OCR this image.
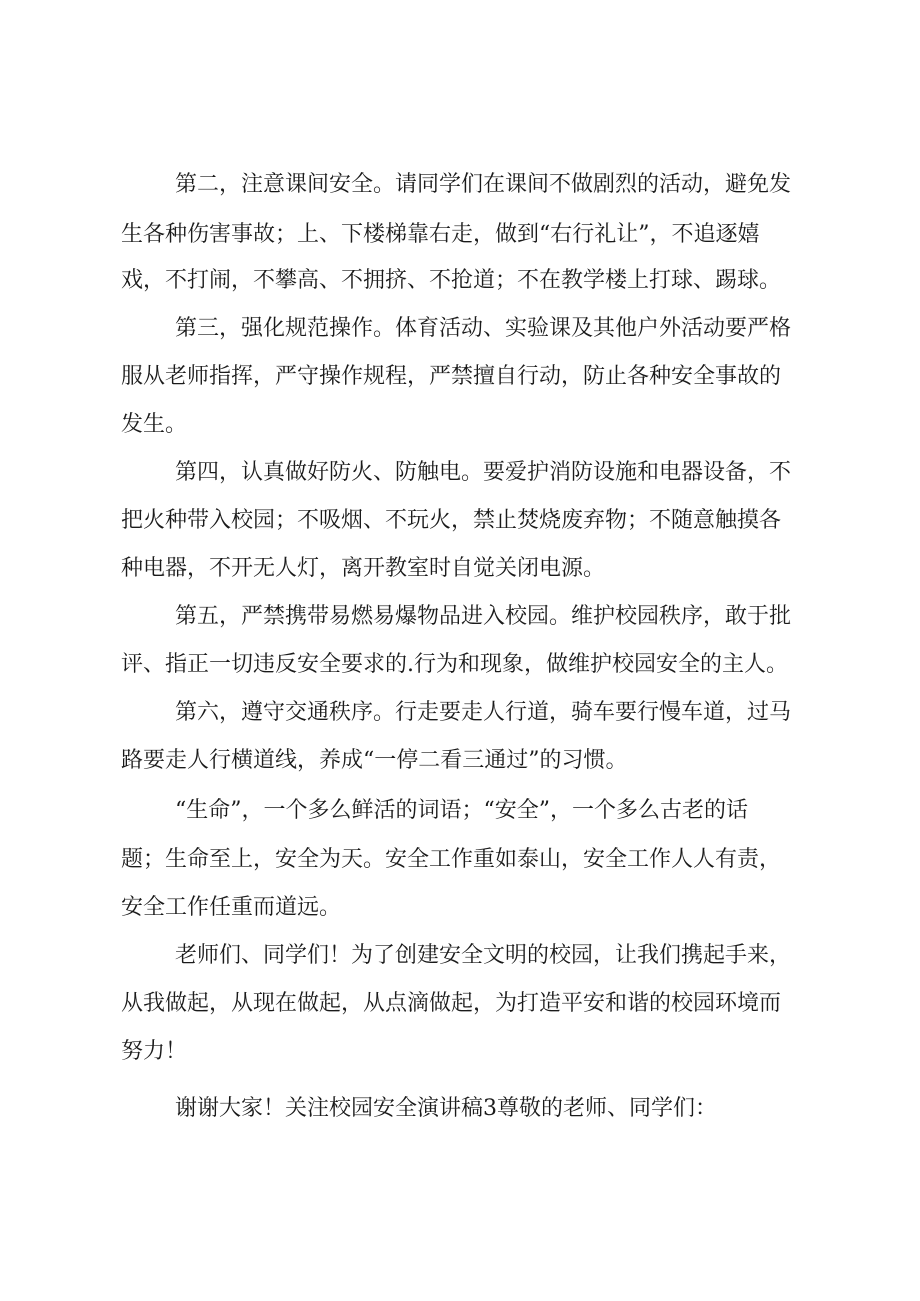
第二，注意课间安全。请同学们在课间不做剧烈的活动，避免发
生各种伤害事故；上、下楼梯靠右走，做到“右行礼让”，不追逐嬉
戏，不打闹，不攀高、不拥挤、不抢道；不在教学楼上打球、踢球。
第三，强化规范操作。体育活动、实验课及其他户外活动要严格
服从老师指挥，严守操作规程，严禁擅自行动，防止各种安全事故的
发生。
第四，认真做好防火、防触电。要爱护消防设施和电器设备，不
把火种带入校园；不吸烟、不玩火，禁止焚烧废弃物；不随意触摸各
种电器，不开无人灯，离开教室时自觉关闭电源。
第五，严禁携带易燃易爆物品进入校园。维护校园秩序，敢于批
评、指正一切违反安全要求的.行为和现象，做维护校园安全的主人。
第六，遵守交通秩序。行走要走人行道，骑车要行慢车道，过马
路要走人行横道线，养成“一停二看三通过”的习惯。
“生命”，一个多么鲜活的词语；“安全”，一个多么古老的话
题；生命至上，安全为天。安全工作重如泰山，安全工作人人有责，
安全工作任重而道远。
老师们、同学们！为了创建安全文明的校园，让我们携起手来，
从我做起，从现在做起，从点滴做起，为打造平安和谐的校园环境而
努力！
谢谢大家！关注校园安全演讲稿3尊敬的老师、同学们：
